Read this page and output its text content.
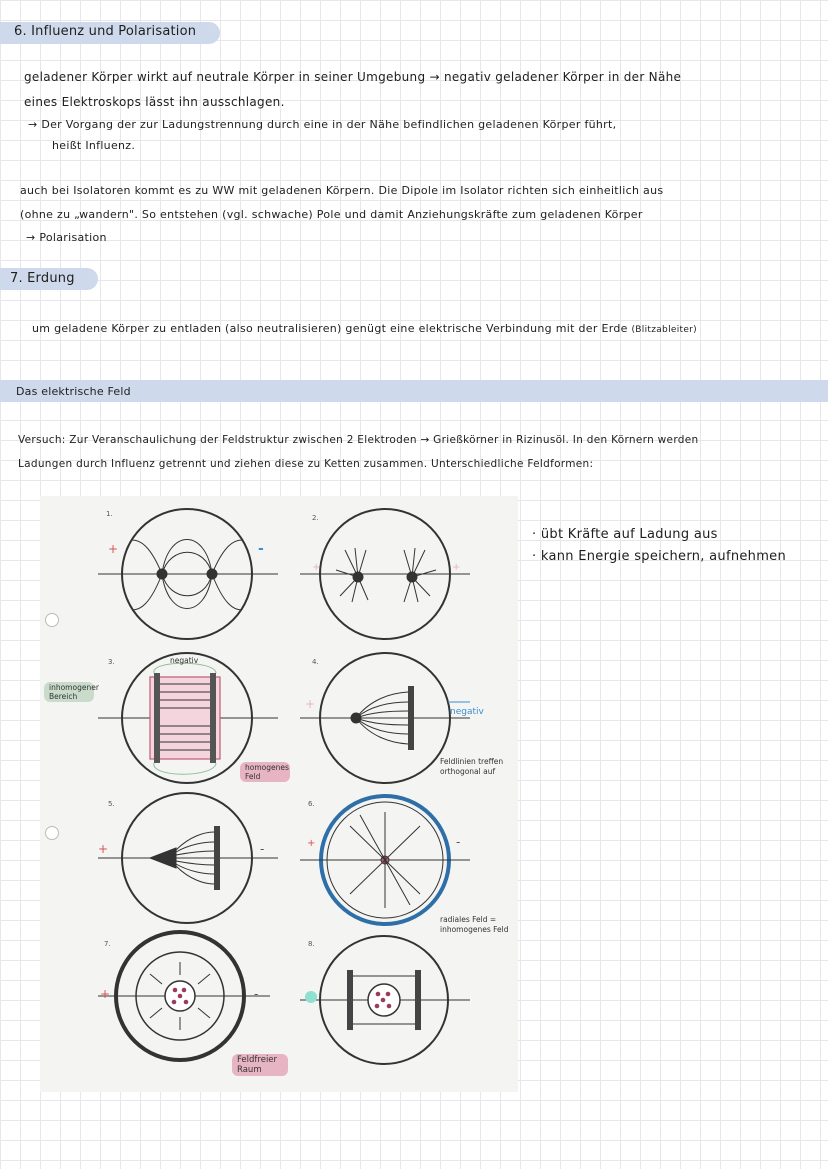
6. Influenz und Polarisation
geladener Körper wirkt auf neutrale Körper in seiner Umgebung → negativ geladener Körper in der Nähe
eines Elektroskops lässt ihn ausschlagen.
→ Der Vorgang der zur Ladungstrennung durch eine in der Nähe befindlichen geladenen Körper führt,
heißt Influenz.
auch bei Isolatoren kommt es zu WW mit geladenen Körpern. Die Dipole im Isolator richten sich einheitlich aus
(ohne zu „wandern". So entstehen (vgl. schwache) Pole und damit Anziehungskräfte zum geladenen Körper
→ Polarisation
7. Erdung
um geladene Körper zu entladen (also neutralisieren) genügt eine elektrische Verbindung mit der Erde (Blitzableiter)
Das elektrische Feld
Versuch: Zur Veranschaulichung der Feldstruktur zwischen 2 Elektroden → Grießkörner in Rizinusöl. In den Körnern werden
Ladungen durch Influenz getrennt und ziehen diese zu Ketten zusammen. Unterschiedliche Feldformen:
· übt Kräfte auf Ladung aus
· kann Energie speichern, aufnehmen
1.	2.
3.	4.
5.	6.
7.	8.
+	-
+	+
negativ
+
+	-	+	-
+	-
inhomogener Bereich
homogenes Feld
negativ
Feldlinien treffen orthogonal auf
radiales Feld = inhomogenes Feld
Feldfreier Raum
